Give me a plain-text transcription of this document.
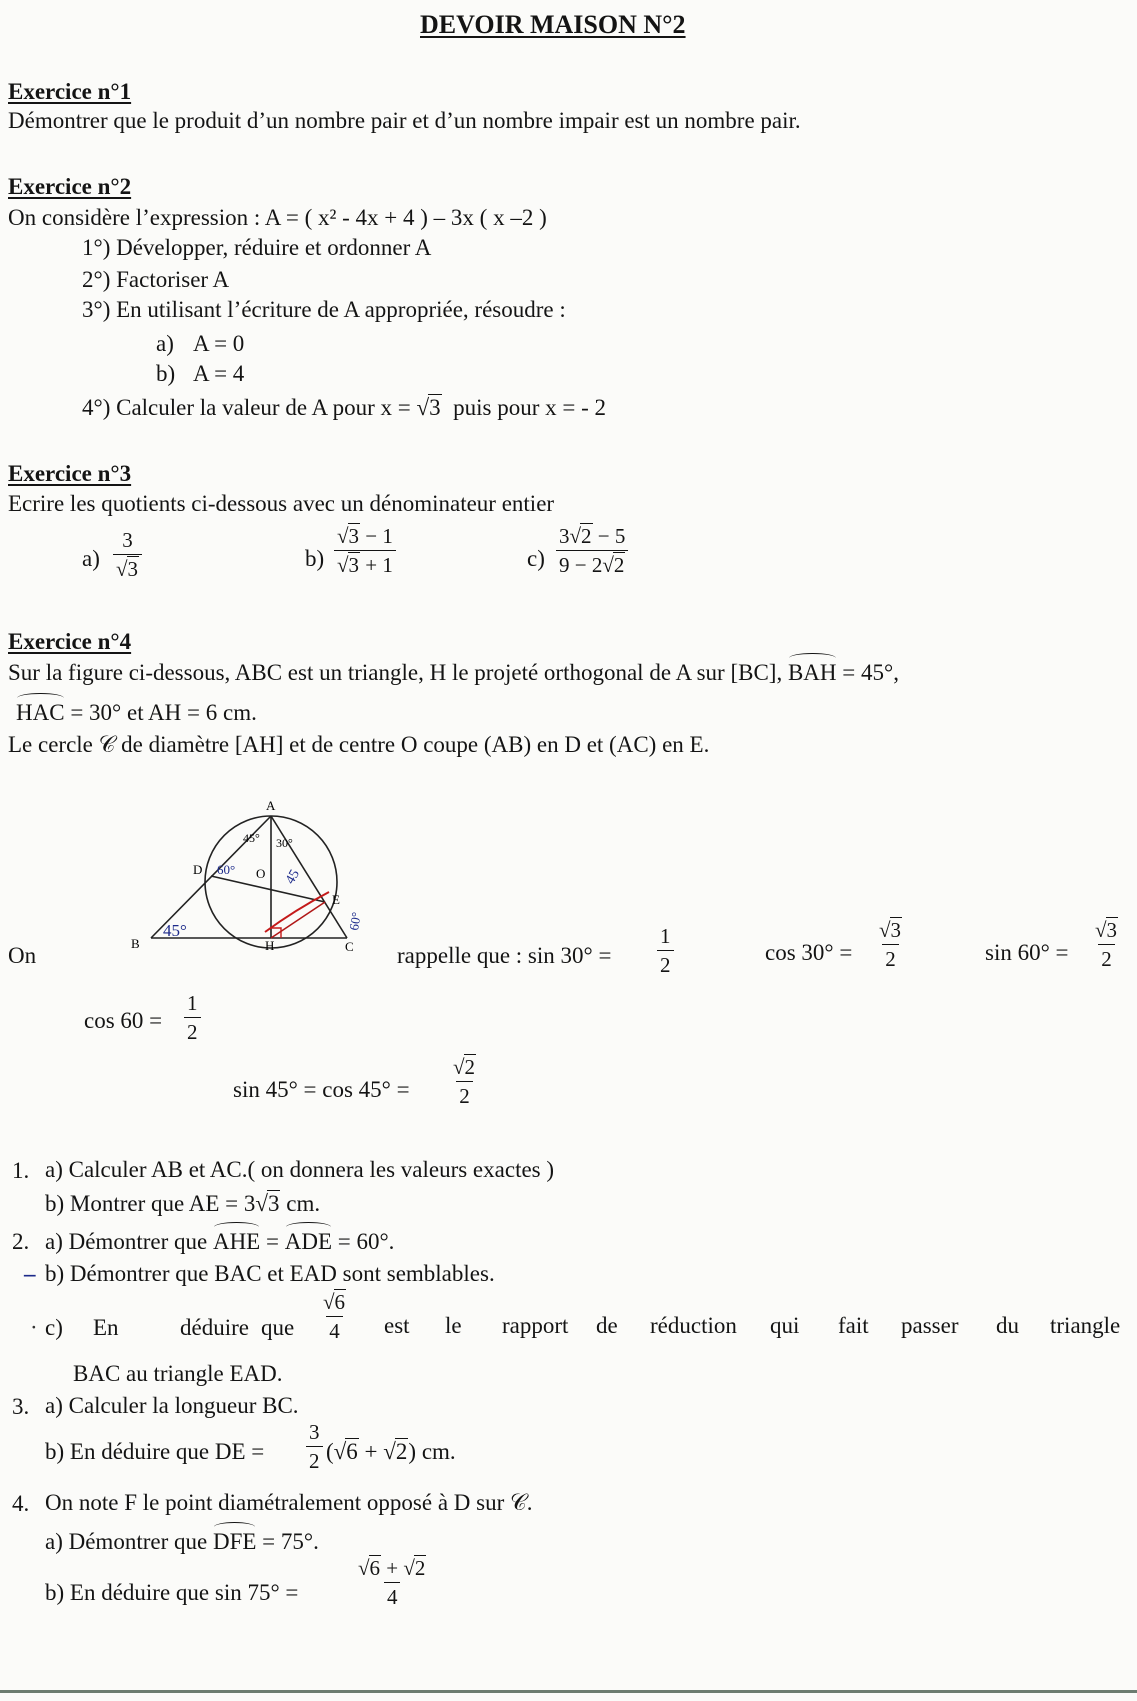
DEVOIR MAISON N°2
Exercice n°1
Démontrer que le produit d’un nombre pair et d’un nombre impair est un nombre pair.
Exercice n°2
On considère l’expression : A = ( x² - 4x + 4 ) – 3x ( x –2 )
1°) Développer, réduire et ordonner A
2°) Factoriser A
3°) En utilisant l’écriture de A appropriée, résoudre :
a) A = 0
b) A = 4
4°) Calculer la valeur de A pour x = √3 puis pour x = - 2
Exercice n°3
Ecrire les quotients ci-dessous avec un dénominateur entier
$a) \frac{3}{√3}$	$b) \frac{√3 - 1}{√3 + 1}$	$c) \frac{3√2 - 5}{9 - 2√2}$
Exercice n°4
Sur la figure ci-dessous, ABC est un triangle, H le projeté orthogonal de A sur [BC], BAH = 45°,
HAC = 30° et AH = 6 cm.
Le cercle 𝒞 de diamètre [AH] et de centre O coupe (AB) en D et (AC) en E.
A
B	C
D
E
H
O
45° 30°
60°	45
45°	60°
On	rappelle que : $\sin 30^\circ = \frac{1}{2}$	$\cos 30^\circ = \frac{√3}{2}$	$\sin 60^\circ = \frac{√3}{2}$
$\cos 60 = \frac{1}{2}$
$\sin 45^\circ = \cos 45^\circ = \frac{√2}{2}$
1. a) Calculer AB et AC.( on donnera les valeurs exactes )
b) Montrer que AE = 3√3 cm.
2. a) Démontrer que AHE = ADE = 60°.
– b) Démontrer que BAC et EAD sont semblables.
· c) En	déduire que $\frac{√6}{4}$ est le rapport de réduction qui fait passer du triangle
BAC au triangle EAD.
3. a) Calculer la longueur BC.
b) En déduire que DE = $\frac{3}{2} (√6 + √2)$ cm.
4. On note F le point diamétralement opposé à D sur 𝒞.
a) Démontrer que DFE = 75°.
b) En déduire que sin 75° =	$\frac{√6 + √2}{4}$
